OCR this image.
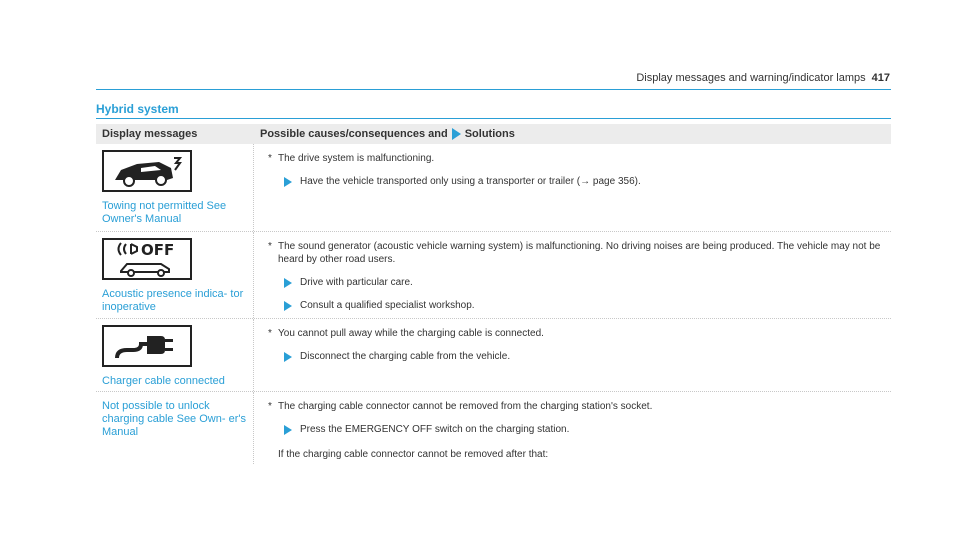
Display messages and warning/indicator lamps 417
Hybrid system
Display messages	Possible causes/consequences and Solutions
Towing not permitted See Owner's Manual
* The drive system is malfunctioning.
Have the vehicle transported only using a transporter or trailer (→ page 356).
OFF
Acoustic presence indica- tor inoperative
* The sound generator (acoustic vehicle warning system) is malfunctioning. No driving noises are being produced. The vehicle may not be heard by other road users.
Drive with particular care.
Consult a qualified specialist workshop.
Charger cable connected
* You cannot pull away while the charging cable is connected.
Disconnect the charging cable from the vehicle.
Not possible to unlock charging cable See Own- er's Manual
* The charging cable connector cannot be removed from the charging station's socket.
Press the EMERGENCY OFF switch on the charging station.
If the charging cable connector cannot be removed after that:
